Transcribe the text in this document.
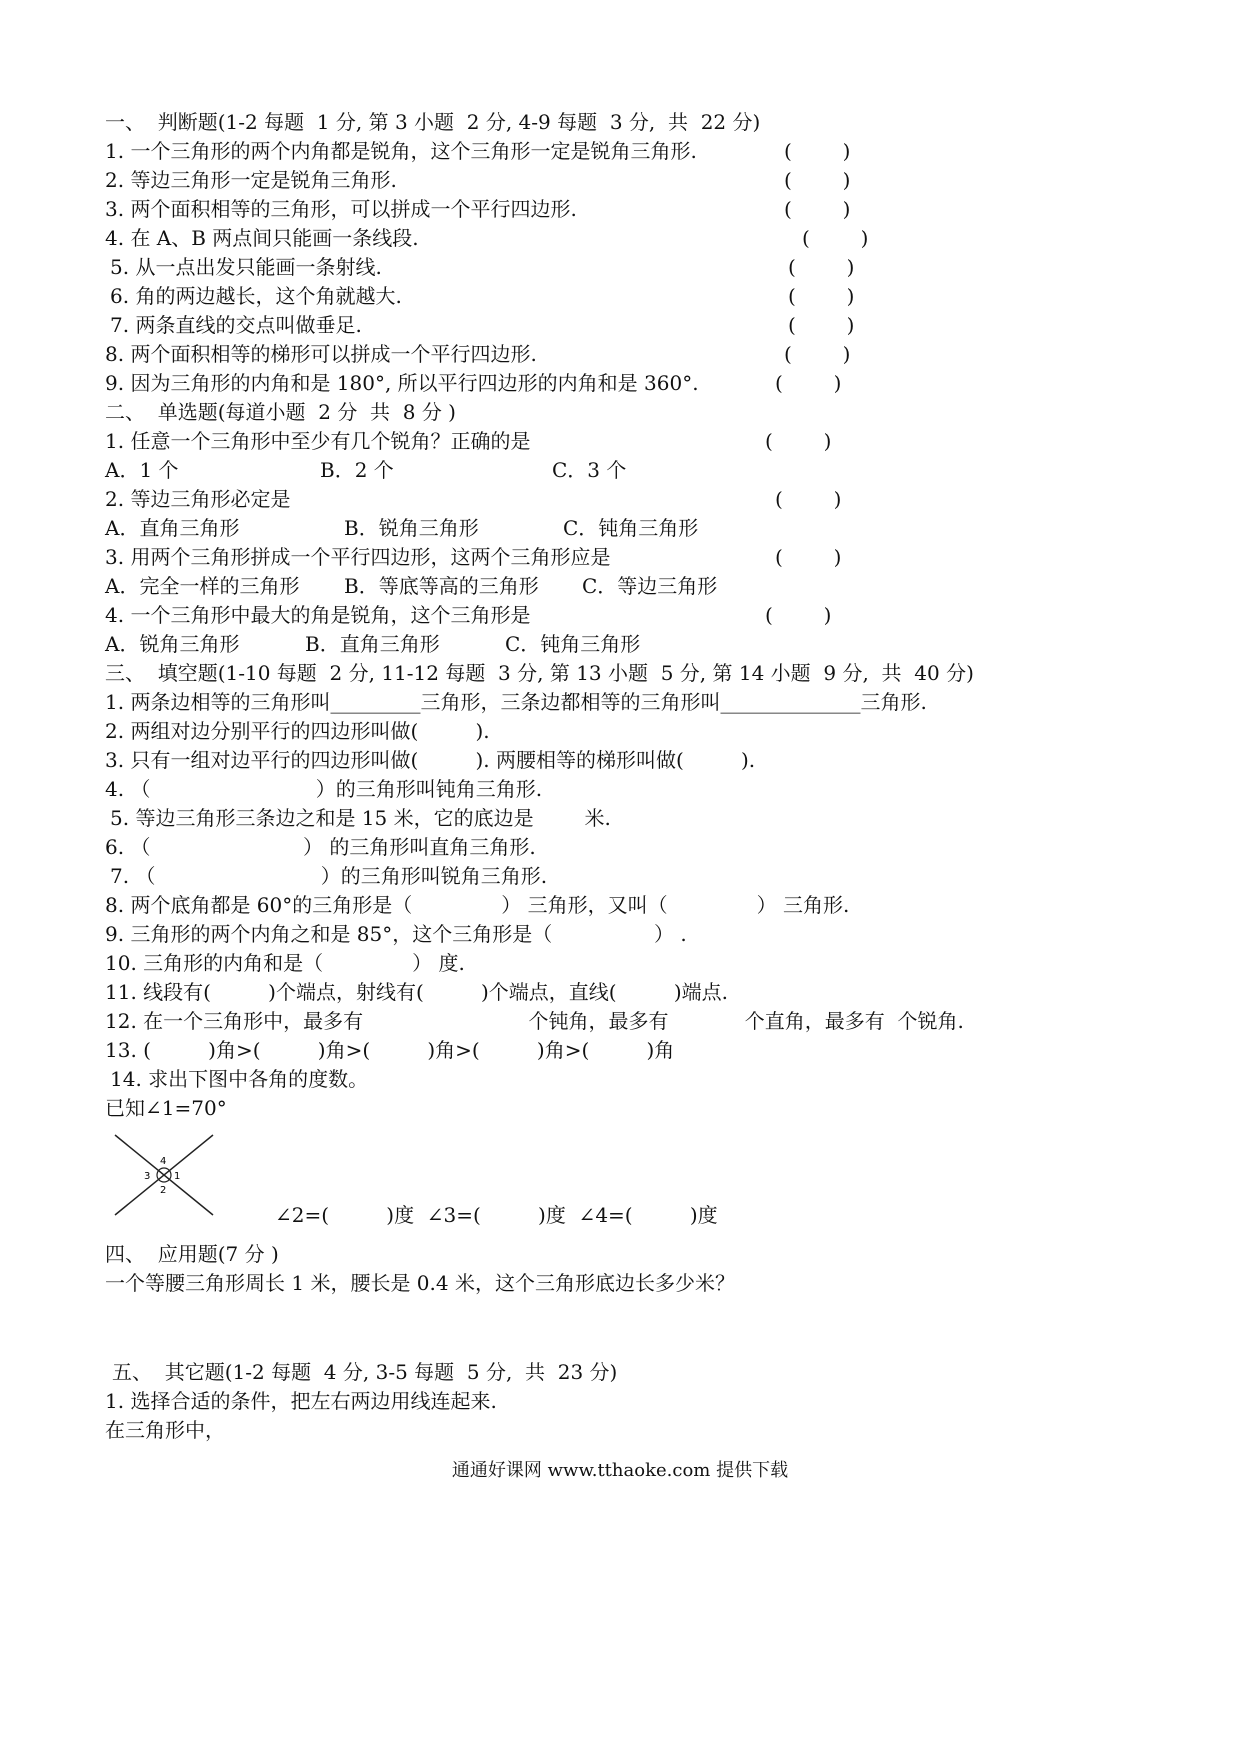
一、  判断题(1-2 每题  1 分, 第 3 小题  2 分, 4-9 每题  3 分,  共  22 分)
1. 一个三角形的两个内角都是锐角，这个三角形一定是锐角三角形.	(        )
2. 等边三角形一定是锐角三角形.	(        )
3. 两个面积相等的三角形，可以拼成一个平行四边形.	(        )
4. 在 A、B 两点间只能画一条线段.	(        )
5. 从一点出发只能画一条射线.	(        )
6. 角的两边越长，这个角就越大.	(        )
7. 两条直线的交点叫做垂足.	(        )
8. 两个面积相等的梯形可以拼成一个平行四边形.	(        )
9. 因为三角形的内角和是 180°, 所以平行四边形的内角和是 360°.	(        )
二、  单选题(每道小题  2 分  共  8 分 )
1. 任意一个三角形中至少有几个锐角？正确的是	(        )
A．1 个	B．2 个	C．3 个
2. 等边三角形必定是	(        )
A．直角三角形	B．锐角三角形	C．钝角三角形
3. 用两个三角形拼成一个平行四边形，这两个三角形应是	(        )
A．完全一样的三角形 B．等底等高的三角形 C．等边三角形
4. 一个三角形中最大的角是锐角，这个三角形是	(        )
A．锐角三角形	B．直角三角形	C．钝角三角形
三、  填空题(1-10 每题  2 分, 11-12 每题  3 分, 第 13 小题  5 分, 第 14 小题  9 分,  共  40 分)
1. 两条边相等的三角形叫_________三角形，三条边都相等的三角形叫______________三角形.
2. 两组对边分别平行的四边形叫做(         ).
3. 只有一组对边平行的四边形叫做(         ). 两腰相等的梯形叫做(         ).
4. （                          ）的三角形叫钝角三角形.
5. 等边三角形三条边之和是 15 米，它的底边是        米.
6. （                        ） 的三角形叫直角三角形.
7. （                          ）的三角形叫锐角三角形.
8. 两个底角都是 60°的三角形是（              ） 三角形，又叫（              ） 三角形.
9. 三角形的两个内角之和是 85°，这个三角形是（                ） .
10. 三角形的内角和是（              ） 度.
11. 线段有(         )个端点，射线有(         )个端点，直线(         )端点.
12. 在一个三角形中，最多有                          个钝角，最多有            个直角，最多有  个锐角.
13. (         )角>(         )角>(         )角>(         )角>(         )角
14. 求出下图中各角的度数。
已知∠1=70°
1
2
3
4
∠2=(         )度  ∠3=(         )度  ∠4=(         )度
四、  应用题(7 分 )
一个等腰三角形周长 1 米，腰长是 0.4 米，这个三角形底边长多少米？
五、  其它题(1-2 每题  4 分, 3-5 每题  5 分,  共  23 分)
1. 选择合适的条件，把左右两边用线连起来.
在三角形中，
通通好课网 www.tthaoke.com 提供下载
